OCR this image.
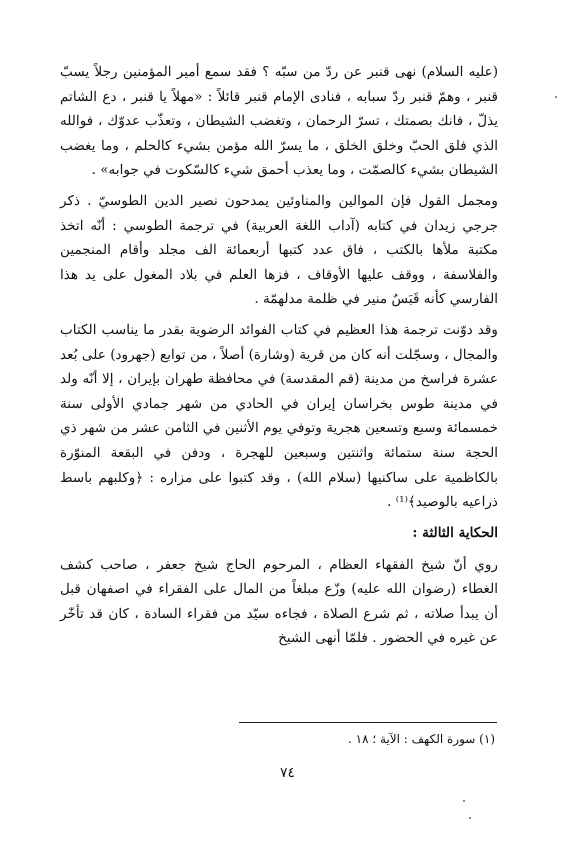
(عليه السلام) نهى قنبر عن ردّ من سبّه ؟ فقد سمع أمير المؤمنين رجلاً يسبّ قنبر ، وهمّ قنبر ردّ سبابه ، فنادى الإمام قنبر قائلاً : «مهلاً يا قنبر ، دع الشاتم يذلّ ، فانك بصمتك ، تسرّ الرحمان ، وتغضب الشيطان ، وتعذّب عدوّك ، فوالله الذي فلق الحبّ وخلق الخلق ، ما يسرّ الله مؤمن بشيء كالحلم ، وما يغضب الشيطان بشيء كالصمّت ، وما يعذب أحمق شيء كالسّكوت في جوابه» .

ومجمل القول فإن الموالين والمناوئين يمدحون نصير الدين الطوسيّ . ذكر جرجي زيدان في كتابه (آداب اللغة العربية) في ترجمة الطوسي : أنّه اتخذ مكتبة ملأها بالكتب ، فاق عدد كتبها أربعمائة الف مجلد وأقام المنجمين والفلاسفة ، ووقف عليها الأوقاف ، فزها العلم في بلاد المغول على يد هذا الفارسي كأنه قَبَسٌ منير في ظلمة مدلهمّة .

وقد دوّنت ترجمة هذا العظيم في كتاب الفوائد الرضوية بقدر ما يناسب الكتاب والمجال ، وسجّلت أنه كان من قرية (وشارة) أصلاً ، من توابع (جهرود) على بُعد عشرة فراسخ من مدينة (قم المقدسة) في محافظة طهران بإيران ، إلا أنّه ولد في مدينة طوس بخراسان إيران في الحادي من شهر جمادي الأولى سنة خمسمائة وسبع وتسعين هجرية وتوفي يوم الأثنين في الثامن عشر من شهر ذي الحجة سنة ستمائة واثنتين وسبعين للهجرة ، ودفن في البقعة المنوّرة بالكاظمية على ساكنيها (سلام الله) ، وقد كتبوا على مزاره : ﴿وكلبهم باسط ذراعيه بالوصيد﴾⁽¹⁾ .

الحكاية الثالثة :

روي أنّ شيخ الفقهاء العظام ، المرحوم الحاج شيخ جعفر ، صاحب كشف الغطاء (رضوان الله عليه) وزّع مبلغاً من المال على الفقراء في اصفهان قبل أن يبدأ صلاته ، ثم شرع الصلاة ، فجاءه سيّد من فقراء السادة ، كان قد تأخّر عن غيره في الحضور . فلمّا أنهى الشيخ

(١) سورة الكهف : الآية ؛ ١٨ .
٧٤
